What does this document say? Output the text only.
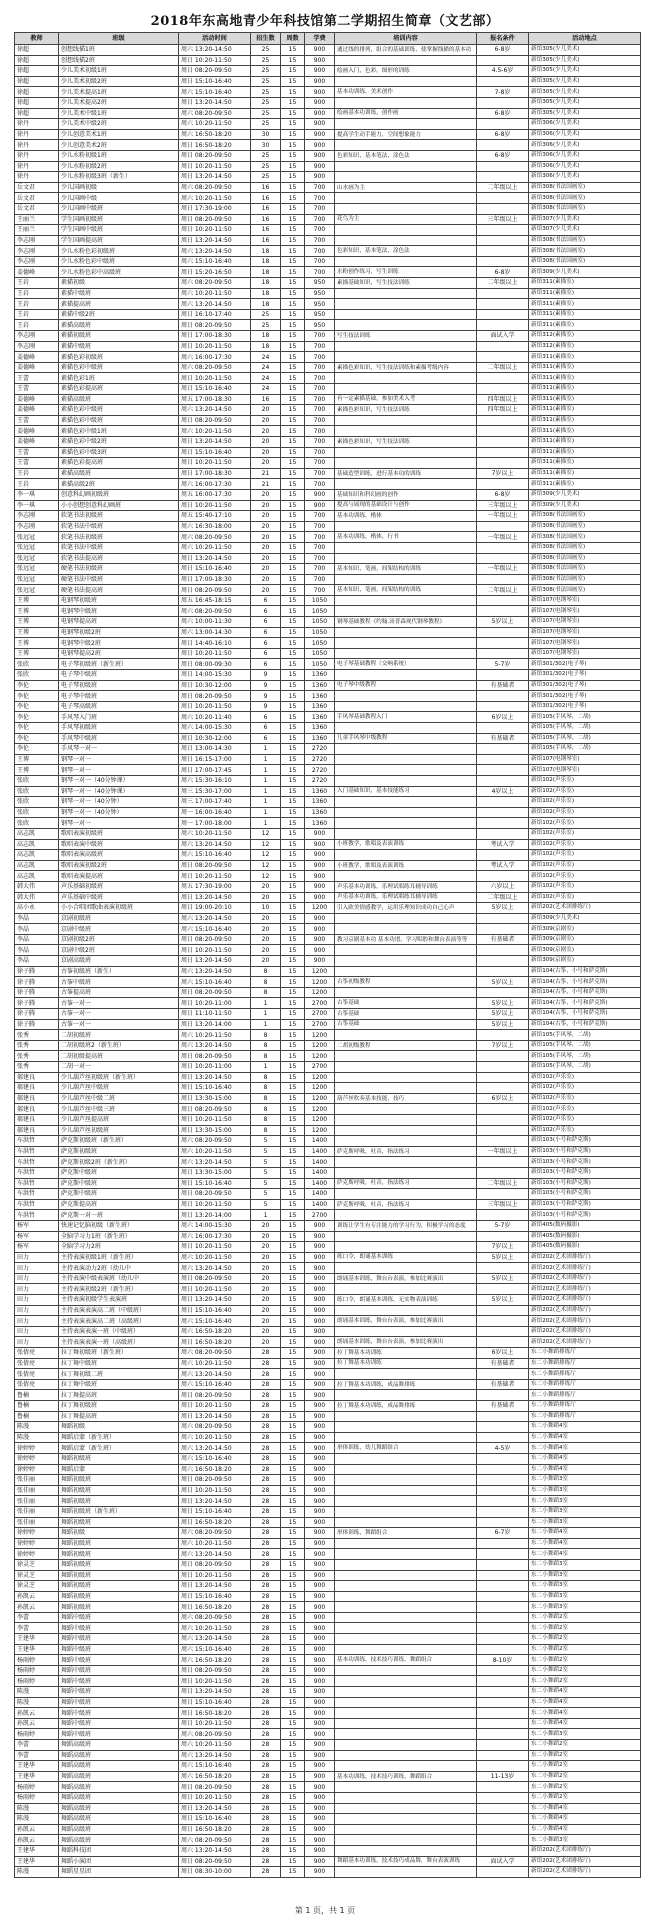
2018年东高地青少年科技馆第二学期招生简章（文艺部）
教师	班级	活动时间	招生数	周数	学费	培训内容	报名条件	活动地点
徐超	创想线描1班	周六 13:20-14:50	25	15	900	通过线的排列，组合的基础训练，使掌握线描的基本功	6-8岁	新馆305(少儿美术)
徐超	创想线描2班	周日 10:20-11:50	25	15	900			新馆305(少儿美术)
徐超	少儿美术初级1班	周日 08:20-09:50	25	15	900	绘画入门，色彩，图形的训练	4.5-6岁	新馆305(少儿美术)
徐超	少儿美术初级2班	周日 15:10-16:40	25	15	900			新馆305(少儿美术)
徐超	少儿美术提高1班	周六 15:10-16:40	25	15	900	基本功训练，美术创作	7-8岁	新馆305(少儿美术)
徐超	少儿美术提高2班	周日 13:20-14:50	25	15	900			新馆305(少儿美术)
徐超	少儿美术中级1班	周六 08:20-09:50	25	15	900	绘画基本功训练，创作画	6-8岁	新馆305(少儿美术)
徐丹	少儿美术中级2班	周六 10:20-11:50	25	15	900			新馆306(少儿美术)
徐丹	少儿创意美术1班	周六 16:50-18:20	30	15	900	提高学生动手能力，空间想象能力	6-8岁	新馆306(少儿美术)
徐丹	少儿创意美术2班	周日 16:50-18:20	30	15	900			新馆306(少儿美术)
徐丹	少儿水粉初级1班	周日 08:20-09:50	25	15	900	色彩知识，基本笔法，涂色法	6-8岁	新馆306(少儿美术)
徐丹	少儿水粉初级2班	周日 10:20-11:50	25	15	900			新馆306(少儿美术)
徐丹	少儿水粉初级3班（新生）	周日 13:20-14:50	25	15	900			新馆306(少儿美术)
岳文君	少儿国画初级	周六 08:20-09:50	16	15	700	山水画为主	二年级以上	新馆308(书法国画室)
岳文君	少儿国画中级	周六 10:20-11:50	16	15	700			新馆308(书法国画室)
岳文君	少儿国画中级班	周日 17:30-19:00	16	15	700			新馆308(书法国画室)
王丽兰	学生国画初级班	周日 08:20-09:50	16	15	700	花鸟为主	三年级以上	新馆307(少儿美术)
王丽兰	学生国画中级班	周日 10:20-11:50	16	15	700			新馆307(少儿美术)
李志刚	学生国画提高班	周日 13:20-14:50	16	15	700			新馆308(书法国画室)
李志刚	少儿水粉色彩初级班	周六 13:20-14:50	18	15	700	色彩知识，基本笔法，涂色法		新馆308(书法国画室)
李志刚	少儿水粉色彩中级班	周六 15:10-16:40	18	15	700			新馆308(书法国画室)
姜德峰	少儿水粉色彩中高级班	周日 15:20-16:50	18	15	700	水粉创作练习，写生训练	6-8岁	新馆309(少儿美术)
王岩	素描初级	周六 08:20-09:50	18	15	950	素描基础知识，写生技法训练	二年级以上	新馆311(素描室)
王岩	素描中级班	周六 10:20-11:50	18	15	950			新馆311(素描室)
王岩	素描提高班	周六 13:20-14:50	18	15	950			新馆311(素描室)
王岩	素描中级2班	周日 16:10-17:40	25	15	950			新馆311(素描室)
王岩	素描高级班	周日 08:20-09:50	25	15	950			新馆311(素描室)
李志刚	素描初级班	周日 17:00-18:30	18	15	700	写生技法训练	面试入学	新馆312(素描室)
李志刚	素描中级班	周日 10:20-11:50	18	15	700			新馆312(素描室)
姜德峰	素描色彩初级班	周六 16:00-17:30	24	15	700			新馆311(素描室)
姜德峰	素描色彩中级班	周六 08:20-09:50	24	15	700	素描色彩知识，写生技法训练和素描考级内容	二年级以上	新馆311(素描室)
王蕾	素描色彩1班	周日 10:20-11:50	24	15	700			新馆311(素描室)
王蕾	素描色彩提高班	周日 15:10-16:40	24	15	700			新馆311(素描室)
姜德峰	素描高级班	周五 17:00-18:30	16	15	700	有一定素描基础，参加美术入考	四年级以上	新馆311(素描室)
姜德峰	素描色彩中级班	周六 13:20-14:50	20	15	700	素描色彩知识，写生技法训练	四年级以上	新馆311(素描室)
王蕾	素描色彩中级班	周日 08:20-09:50	20	15	700			新馆311(素描室)
姜德峰	素描色彩中级1班	周六 10:20-11:50	20	15	700			新馆311(素描室)
姜德峰	素描色彩中级2班	周日 13:20-14:50	20	15	700	素描色彩知识，写生技法训练		新馆311(素描室)
王蕾	素描色彩中级3班	周日 15:10-16:40	20	15	700			新馆311(素描室)
王蕾	素描色彩提高班	周日 10:20-11:50	20	15	700			新馆311(素描室)
王岩	素描高级班	周日 17:00-18:30	21	15	700	基础造型训练，进行基本功的训练	7岁以上	新馆311(素描室)
王岩	素描高级2班	周六 16:00-17:30	21	15	700			新馆311(素描室)
李一琪	创意科幻画初级班	周五 16:00-17:30	20	15	900	基础知识和科幻画的创作	6-8岁	新馆309(少儿美术)
李一琪	小小创想创意科幻画班	周日 10:20-11:50	20	15	900	提高与展现的基础设计与创作	三年级以上	新馆309(少儿美术)
李志刚	软笔书法初级班	周五 15:40-17:10	20	15	700	基本功训练，楷体	一年级以上	新馆308(书法国画室)
李志刚	软笔书法中级班	周六 16:30-18:00	20	15	700			新馆308(书法国画室)
张远冠	软笔书法初级班	周六 08:20-09:50	20	15	700	基本功训练，楷体，行书	一年级以上	新馆308(书法国画室)
张远冠	软笔书法中级班	周六 10:20-11:50	20	15	700			新馆308(书法国画室)
张远冠	软笔书法提高班	周日 13:20-14:50	20	15	700			新馆308(书法国画室)
张远冠	硬笔书法初级班	周日 15:10-16:40	20	15	700	基本知识，笔画，间架结构的训练	一年级以上	新馆308(书法国画室)
张远冠	硬笔书法中级班	周日 17:00-18:30	20	15	700			新馆308(书法国画室)
张远冠	硬笔书法提高班	周日 08:20-09:50	20	15	700	基本知识，笔画，间架结构的训练	二年级以上	新馆308(书法国画室)
王博	电钢琴初级班	周五 16:45-18:15	6	15	1050			新馆107(电钢琴室)
王博	电钢琴中级班	周六 08:20-09:50	6	15	1050			新馆107(电钢琴室)
王博	电钢琴提高班	周六 10:00-11:30	6	15	1050	钢琴基础教程《约翰.汤普森现代钢琴教程》	5岁以上	新馆107(电钢琴室)
王博	电钢琴初级2班	周六 13:00-14:30	6	15	1050			新馆107(电钢琴室)
王博	电钢琴中级2班	周日 14:40-16:10	6	15	1050			新馆107(电钢琴室)
王博	电钢琴提高2班	周日 10:20-11:50	6	15	1050			新馆107(电钢琴室)
张欣	电子琴初级班（新生班）	周日 08:00-09:30	6	15	1050	电子琴基础教程（交响系统）	5-7岁	新馆301/302(电子琴)
张欣	电子琴中级班	周日 14:00-15:30	9	15	1360			新馆301/302(电子琴)
李伦	电子琴初级班	周日 10:30-12:00	9	15	1360	电子琴中级教程	有基础者	新馆301/302(电子琴)
李伦	电子琴中级班	周日 08:20-09:50	9	15	1360			新馆301/302(电子琴)
李伦	电子琴高级班	周日 10:20-11:50	9	15	1360			新馆301/302(电子琴)
李伦	手风琴入门班	周六 10:20-11:40	6	15	1360	手风琴基础教程入门	6岁以上	新馆105(手风琴，二胡)
李伦	手风琴初级班	周六 14:00-15:30	6	15	1360			新馆105(手风琴，二胡)
李伦	手风琴中级班	周日 10:30-12:00	6	15	1360	儿童手风琴中级教程	有基础者	新馆105(手风琴，二胡)
李伦	手风琴一对一	周日 13:00-14:30	1	15	2720			新馆105(手风琴，二胡)
王博	钢琴一对一	周日 16:15-17:00	1	15	2720			新馆107(电钢琴室)
王博	钢琴一对一	周日 17:00-17:45	1	15	2720			新馆107(电钢琴室)
张欣	钢琴一对一（40分钟课）	周六 15:30-16:10	1	15	2720			新馆102(声乐室)
张欣	钢琴一对一（40分钟课）	周三 15:30-17:00	1	15	1360	入门基础知识，基本技能练习	4岁以上	新馆102(声乐室)
张欣	钢琴一对一（40分钟）	周三 17:00-17:40	1	15	1360			新馆102(声乐室)
张欣	钢琴一对一（40分钟）	周一 16:00-16:40	1	15	1360			新馆102(声乐室)
张欣	钢琴一对一	周一 17:00-18:00	1	15	1360			新馆102(声乐室)
高志凯	歌唱表演初级班	周六 10:20-11:50	12	15	900			新馆102(声乐室)
高志凯	歌唱表演中级班	周六 13:20-14:50	12	15	900	小班教学，歌唱及表演训练	考试入学	新馆102(声乐室)
高志凯	歌唱表演高级班	周六 15:10-16:40	12	15	900			新馆102(声乐室)
高志凯	歌唱表演初级2班	周日 08:20-09:50	12	15	900	小班教学，歌唱及表演训练	考试入学	新馆102(声乐室)
高志凯	歌唱表演提高班	周日 10:20-11:50	12	15	900			新馆102(声乐室)
韩大伟	声乐基础初级班	周五 17:30-19:00	20	15	900	声乐基本功训练，乐理试唱练耳辅导训练	六岁以上	新馆102(声乐室)
韩大伟	声乐基础中级班	周日 13:20-14:50	20	15	900	声乐基本功训练，乐理试唱练耳辅导训练	二年级以上	新馆102(声乐室)
高小永	小小合唱团歌曲表演初级班	周日 19:00-20:10	10	15	1200	引入欧美情感教学，运用乐理知识成功自己心声	5岁以上	新馆202(艺术团排练厅)
李晶	京剧初级班	周六 13:20-14:50	20	15	900			新馆309(少儿美术)
李晶	京剧中级班	周六 15:10-16:40	20	15	900			新馆309(京剧室)
李晶	京剧初级2班	周日 08:20-09:50	20	15	900	教习京剧基本功 基本功谱，学习唱腔和舞台表演等等	有基础者	新馆309(京剧室)
李晶	京剧中级2班	周日 10:20-11:50	20	15	900			新馆309(京剧室)
李晶	京剧高级班	周日 13:20-14:50	20	15	900			新馆309(京剧室)
徐子腾	古筝初级班（新生）	周六 13:20-14:50	8	15	1200			新馆104(古筝，小号和萨克斯)
徐子腾	古筝中级班	周六 15:10-16:40	8	15	1200	古筝初级教程	5岁以上	新馆104(古筝，小号和萨克斯)
徐子腾	古筝提高班	周日 08:20-09:50	8	15	1200			新馆104(古筝，小号和萨克斯)
徐子腾	古筝一对一	周日 10:20-11:00	1	15	2700	古筝基础	5岁以上	新馆104(古筝，小号和萨克斯)
徐子腾	古筝一对一	周日 11:10-11:50	1	15	2700	古筝基础	5岁以上	新馆104(古筝，小号和萨克斯)
徐子腾	古筝一对一	周日 13:20-14:00	1	15	2700	古筝基础	5岁以上	新馆104(古筝，小号和萨克斯)
张秀	二胡初级班	周六 10:20-11:50	8	15	1200			新馆105(手风琴，二胡)
张秀	二胡初级班2（新生班）	周六 13:20-14:50	8	15	1200	二胡初级教程	7岁以上	新馆105(手风琴，二胡)
张秀	二胡初级提高班	周日 08:20-09:50	8	15	1200			新馆105(手风琴，二胡)
张秀	二胡一对一	周日 10:20-11:00	1	15	2700			新馆105(手风琴，二胡)
郝建良	少儿葫芦丝初级班（新生班）	周日 13:20-14:50	8	15	1200			新馆102(声乐室)
郝建良	少儿葫芦丝中级班	周日 15:10-16:40	8	15	1200			新馆102(声乐室)
郝建良	少儿葫芦丝中级二班	周日 13:30-15:00	8	15	1200	葫芦丝吹奏基本技能，技巧	6岁以上	新馆102(声乐室)
郝建良	少儿葫芦丝中级三班	周日 08:20-09:50	8	15	1200			新馆102(声乐室)
郝建良	少儿葫芦丝提高班	周日 10:20-11:50	8	15	1200			新馆102(声乐室)
郝建良	少儿葫芦丝初级班	周日 13:30-15:00	8	15	1200			新馆102(声乐室)
车洪哲	萨克斯初级班（新生班）	周六 08:20-09:50	5	15	1400			新馆103(小号和萨克斯)
车洪哲	萨克斯初级班	周六 10:20-11:50	5	15	1400	萨克斯呼吸，吐音，指法练习	一年级以上	新馆103(小号和萨克斯)
车洪哲	萨克斯初级2班（新生班）	周六 13:20-14:50	5	15	1400			新馆103(小号和萨克斯)
车洪哲	萨克斯中级班	周日 13:30-15:00	5	15	1400			新馆103(小号和萨克斯)
车洪哲	萨克斯中级班	周日 15:10-16:40	5	15	1400	萨克斯呼吸，吐音，指法练习	二年级以上	新馆103(小号和萨克斯)
车洪哲	萨克斯中级班	周日 08:20-09:50	5	15	1400			新馆103(小号和萨克斯)
车洪哲	萨克斯提高班	周日 10:20-11:50	5	15	1400	萨克斯呼吸，吐音，指法练习	三年级以上	新馆103(小号和萨克斯)
车洪哲	萨克斯一对一班	周日 13:20-14:00	1	15	2700			新馆103(小号和萨克斯)
杨军	快速记忆脑初级（新生班）	周六 14:00-15:30	20	15	900	训练让学生有专注能力的学习行为，积极学习的态度	5-7岁	新馆405(数码摄影)
杨军	全脑学习力1班（新生班）	周六 16:00-17:30	20	15	900			新馆405(数码摄影)
杨军	全脑学习力2班	周日 10:20-11:50	20	15	900		7岁以上	新馆405(数码摄影)
田力	主持表演初级1班（新生班）	周六 10:20-11:50	20	15	900	练口令，朗诵基本训练	5岁以上	新馆202(艺术团排练厅)
田力	主持表演动力2班（幼儿中	周六 13:20-14:50	20	15	900			新馆202(艺术团排练厅)
田力	主持表演中级表演班（幼儿中	周日 08:20-09:50	20	15	900	朗诵基本训练，舞台台表演，参加比赛演出	5岁以上	新馆202(艺术团排练厅)
田力	主持表演初级2班（新生班）	周日 10:20-11:50	20	15	900			新馆202(艺术团排练厅)
田力	主持表演初级学生表演班	周日 13:20-14:50	20	15	900	练口令，朗诵基本训练，无实物表演训练	5岁以上	新馆202(艺术团排练厅)
田力	主持表演表演高二班（中级班）	周日 15:10-16:40	20	15	900			新馆202(艺术团排练厅)
田力	主持表演表演高二班（高级班）	周六 15:10-16:40	20	15	900	朗诵基本训练，舞台台表演，参加比赛演出		新馆202(艺术团排练厅)
田力	主持表演表演一班（中级班）	周六 16:50-18:20	20	15	900			新馆202(艺术团排练厅)
田力	主持表演表演一班（高级班）	周日 16:50-18:20	20	15	900	朗诵基本训练，舞台台表演，参加比赛演出		新馆202(艺术团排练厅)
张倩亮	拉丁舞初级班（新生班）	周六 08:20-09:50	28	15	900	拉丁舞基本功训练	6岁以上	东二小舞蹈排练厅
张倩亮	拉丁舞中级班	周六 10:20-11:50	28	15	900	拉丁舞基本功训练	有基础者	东二小舞蹈排练厅
张倩亮	拉丁舞初级二班	周六 13:20-14:50	28	15	900			东二小舞蹈排练厅
张倩亮	拉丁舞中级班	周六 15:10-16:40	28	15	900	拉丁舞基本功训练，成品舞排练	有基础者	东二小舞蹈排练厅
鲁楠	拉丁舞提高班	周日 08:20-09:50	28	15	900			东二小舞蹈排练厅
鲁楠	拉丁舞初级班	周日 10:20-11:50	28	15	900	拉丁舞基本功训练，成品舞排练	有基础者	东二小舞蹈排练厅
鲁楠	拉丁舞提高班	周日 13:20-14:50	28	15	900			东二小舞蹈排练厅
陈漫	舞蹈初级	周六 08:20-09:50	28	15	900			东二小舞蹈4室
陈漫	舞蹈启蒙（新生班）	周六 10:20-11:50	28	15	900			东二小舞蹈4室
徐婷婷	舞蹈启蒙（新生班）	周六 13:20-14:50	28	15	900	形体训练，幼儿舞蹈组合	4-5岁	东二小舞蹈4室
徐婷婷	舞蹈初级班	周六 15:10-16:40	28	15	900			东二小舞蹈4室
徐婷婷	舞蹈启蒙	周六 16:50-18:20	28	15	900			东二小舞蹈4室
张佳丽	舞蹈初级班	周日 08:20-09:50	28	15	900			东二小舞蹈3室
张佳丽	舞蹈初级班	周日 10:20-11:50	28	15	900			东二小舞蹈3室
张佳丽	舞蹈初级班	周日 13:20-14:50	28	15	900			东二小舞蹈3室
张佳丽	舞蹈初级班（新生班）	周日 15:10-16:40	28	15	900			东二小舞蹈3室
张佳丽	舞蹈初级班	周日 16:50-18:20	28	15	900			东二小舞蹈3室
徐婷婷	舞蹈初级	周六 08:20-09:50	28	15	900	形体训练，舞蹈组合	6-7岁	东二小舞蹈4室
徐婷婷	舞蹈初级班	周六 10:20-11:50	28	15	900			东二小舞蹈4室
徐婷婷	舞蹈初级班	周六 13:20-14:50	28	15	900			东二小舞蹈4室
徐灵芝	舞蹈初级班	周日 08:20-09:50	28	15	900			东二小舞蹈3室
徐灵芝	舞蹈初级班	周日 10:20-11:50	28	15	900			东二小舞蹈3室
徐灵芝	舞蹈初级班	周日 13:20-14:50	28	15	900			东二小舞蹈3室
孙凯云	舞蹈初级班	周日 15:10-16:40	28	15	900			东二小舞蹈3室
孙凯云	舞蹈初级班	周日 16:50-18:20	28	15	900			东二小舞蹈3室
李蕾	舞蹈中级班	周六 08:20-09:50	28	15	900			东二小舞蹈2室
李蕾	舞蹈中级班	周六 10:20-11:50	28	15	900			东二小舞蹈2室
王建华	舞蹈中级班	周六 13:20-14:50	28	15	900			东二小舞蹈2室
王建华	舞蹈中级班	周六 15:10-16:40	28	15	900			东二小舞蹈2室
杨雨婷	舞蹈中级班	周六 16:50-18:20	28	15	900	基本功训练，技术技巧训练，舞蹈组合	8-10岁	东二小舞蹈2室
杨雨婷	舞蹈中级班	周日 08:20-09:50	28	15	900			东二小舞蹈2室
杨雨婷	舞蹈中级班	周日 10:20-11:50	28	15	900			东二小舞蹈2室
陈漫	舞蹈中级班	周日 13:20-14:50	28	15	900			东二小舞蹈4室
陈漫	舞蹈中级班	周日 15:10-16:40	28	15	900			东二小舞蹈4室
孙凯云	舞蹈中级班	周日 16:50-18:20	28	15	900			东二小舞蹈4室
孙凯云	舞蹈中级班	周日 10:20-11:50	28	15	900			东二小舞蹈4室
杨雨婷	舞蹈中级班	周六 08:20-09:50	28	15	900			东二小舞蹈3室
李蕾	舞蹈高级班	周六 10:20-11:50	28	15	900			东二小舞蹈2室
李蕾	舞蹈高级班	周六 13:20-14:50	28	15	900			东二小舞蹈2室
王建华	舞蹈高级班	周六 15:10-16:40	28	15	900			东二小舞蹈2室
王建华	舞蹈高级班	周六 16:50-18:20	28	15	900	基本功训练，技术技巧训练，舞蹈组合	11-13岁	东二小舞蹈2室
杨雨婷	舞蹈高级班	周日 08:20-09:50	28	15	900			东二小舞蹈2室
杨雨婷	舞蹈高级班	周日 10:20-11:50	28	15	900			东二小舞蹈2室
陈漫	舞蹈高级班	周日 13:20-14:50	28	15	900			东二小舞蹈4室
陈漫	舞蹈高级班	周日 15:10-16:40	28	15	900			东二小舞蹈4室
孙凯云	舞蹈高级班	周日 16:50-18:20	28	15	900			东二小舞蹈4室
孙凯云	舞蹈高级班	周六 08:20-09:50	28	15	900			东二小舞蹈3室
王建华	舞蹈科技团	周六 13:20-14:50	28	15	900			新馆202(艺术团排练厅)
王建华	舞蹈小演团	周日 08:20-09:50	28	15	900	舞蹈基本功训练，技术技巧成品舞，舞台表演训练	面试入学	新馆202(艺术团排练厅)
陈漫	舞蹈星星团	周日 08:30-10:00	28	15	900			新馆202(艺术团排练厅)
第 1 页，共 1 页
